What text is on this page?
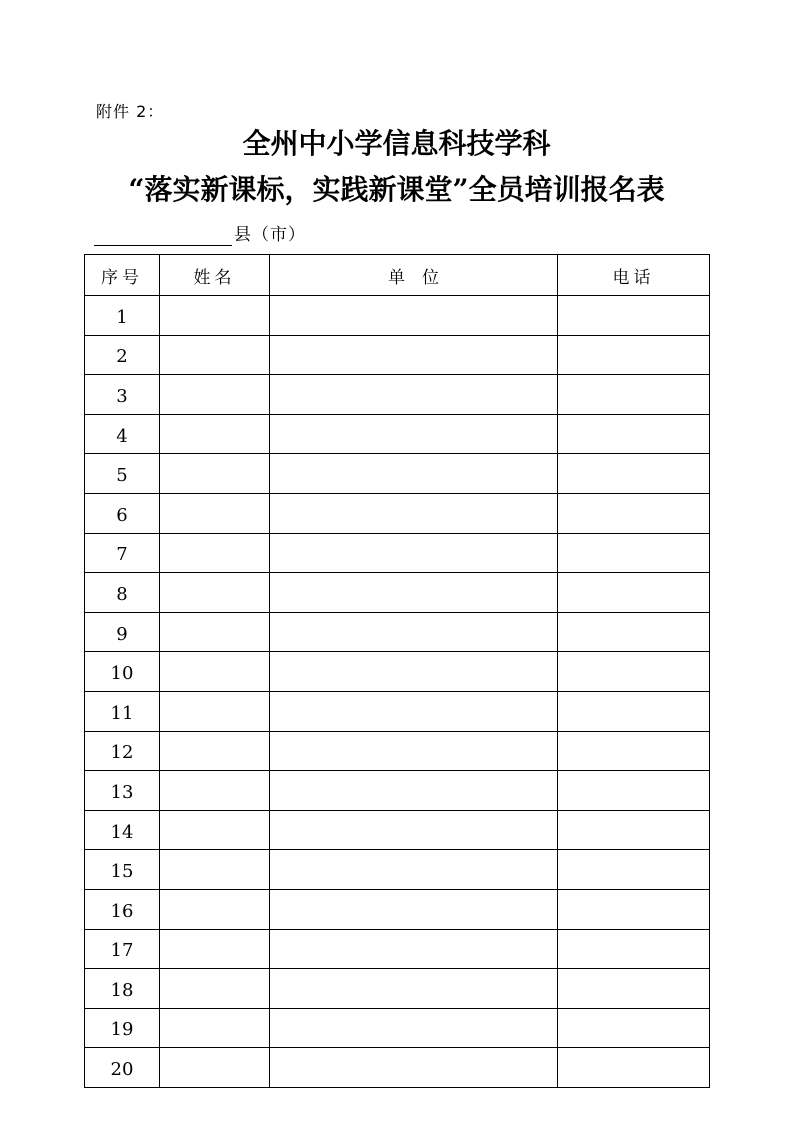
附件 2：
全州中小学信息科技学科
“落实新课标，实践新课堂”全员培训报名表
县（市）
序号	姓名	单　位	电话
1			
2			
3			
4			
5			
6			
7			
8			
9			
10			
11			
12			
13			
14			
15			
16			
17			
18			
19			
20			
